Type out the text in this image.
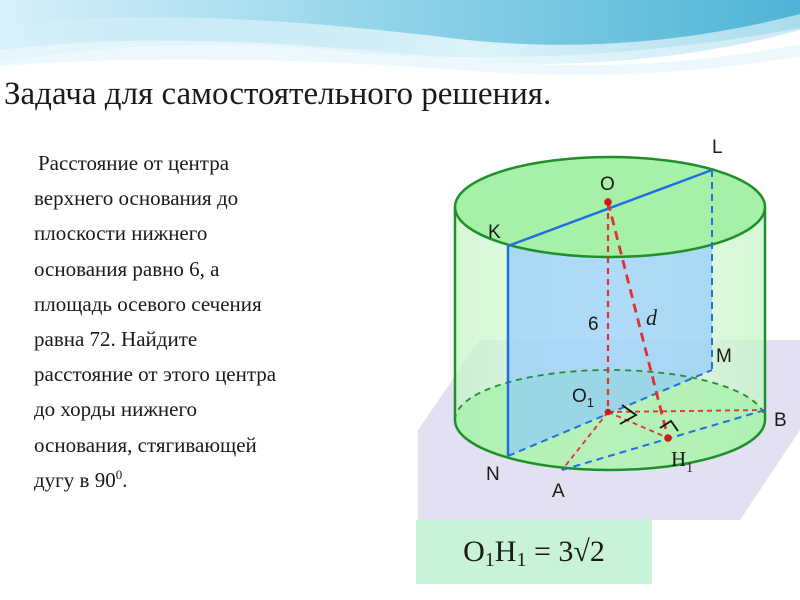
Задача для самостоятельного решения.
Расстояние от центра
верхнего основания до
плоскости нижнего
основания равно 6, а
площадь осевого сечения
равна 72. Найдите
расстояние от этого центра
до хорды нижнего
основания, стягивающей
дугу в $90^0$.
L
O
K
6 d
M
$O_1$
B
N
A
$H_1$
O 1 H 1 = 3√2
